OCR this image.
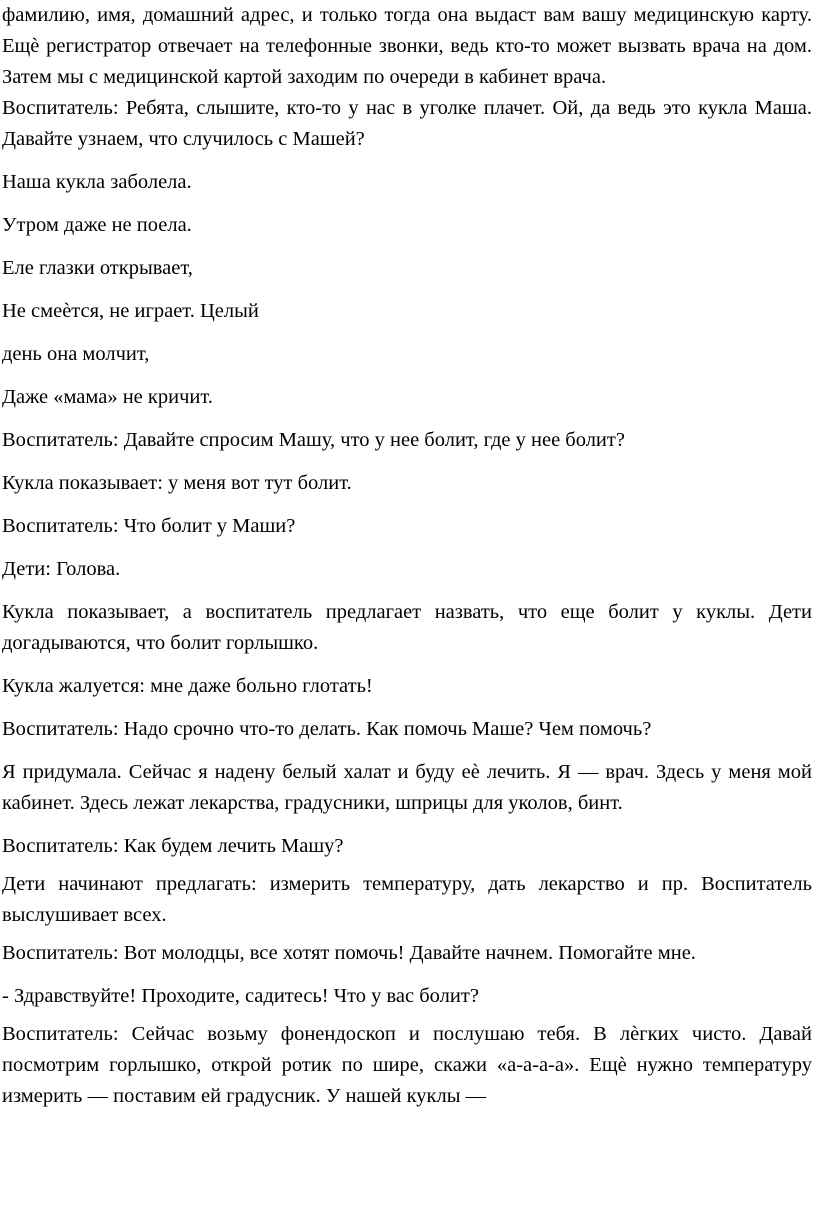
фамилию, имя, домашний адрес, и только тогда она выдаст вам вашу медицинскую карту. Ещѐ регистратор отвечает на телефонные звонки, ведь кто-то может вызвать врача на дом. Затем мы с медицинской картой заходим по очереди в кабинет врача.

Воспитатель: Ребята, слышите, кто-то у нас в уголке плачет. Ой, да ведь это кукла Маша. Давайте узнаем, что случилось с Машей?

Наша кукла заболела.

Утром даже не поела.

Еле глазки открывает,

Не смеѐтся, не играет. Целый

день она молчит,

Даже «мама» не кричит.

Воспитатель: Давайте спросим Машу, что у нее болит, где у нее болит?

Кукла показывает: у меня вот тут болит.

Воспитатель: Что болит у Маши?

Дети: Голова.

Кукла показывает, а воспитатель предлагает назвать, что еще болит у куклы. Дети догадываются, что болит горлышко.

Кукла жалуется: мне даже больно глотать!

Воспитатель: Надо срочно что-то делать. Как помочь Маше? Чем помочь?

Я придумала. Сейчас я надену белый халат и буду еѐ лечить. Я — врач. Здесь у меня мой кабинет. Здесь лежат лекарства, градусники, шприцы для уколов, бинт.

Воспитатель: Как будем лечить Машу?

Дети начинают предлагать: измерить температуру, дать лекарство и пр. Воспитатель выслушивает всех.

Воспитатель: Вот молодцы, все хотят помочь! Давайте начнем. Помогайте мне.

- Здравствуйте! Проходите, садитесь! Что у вас болит?

Воспитатель: Сейчас возьму фонендоскоп и послушаю тебя. В лѐгких чисто. Давай посмотрим горлышко, открой ротик по шире, скажи «а-а-а-а». Ещѐ нужно температуру измерить — поставим ей градусник. У нашей куклы —
